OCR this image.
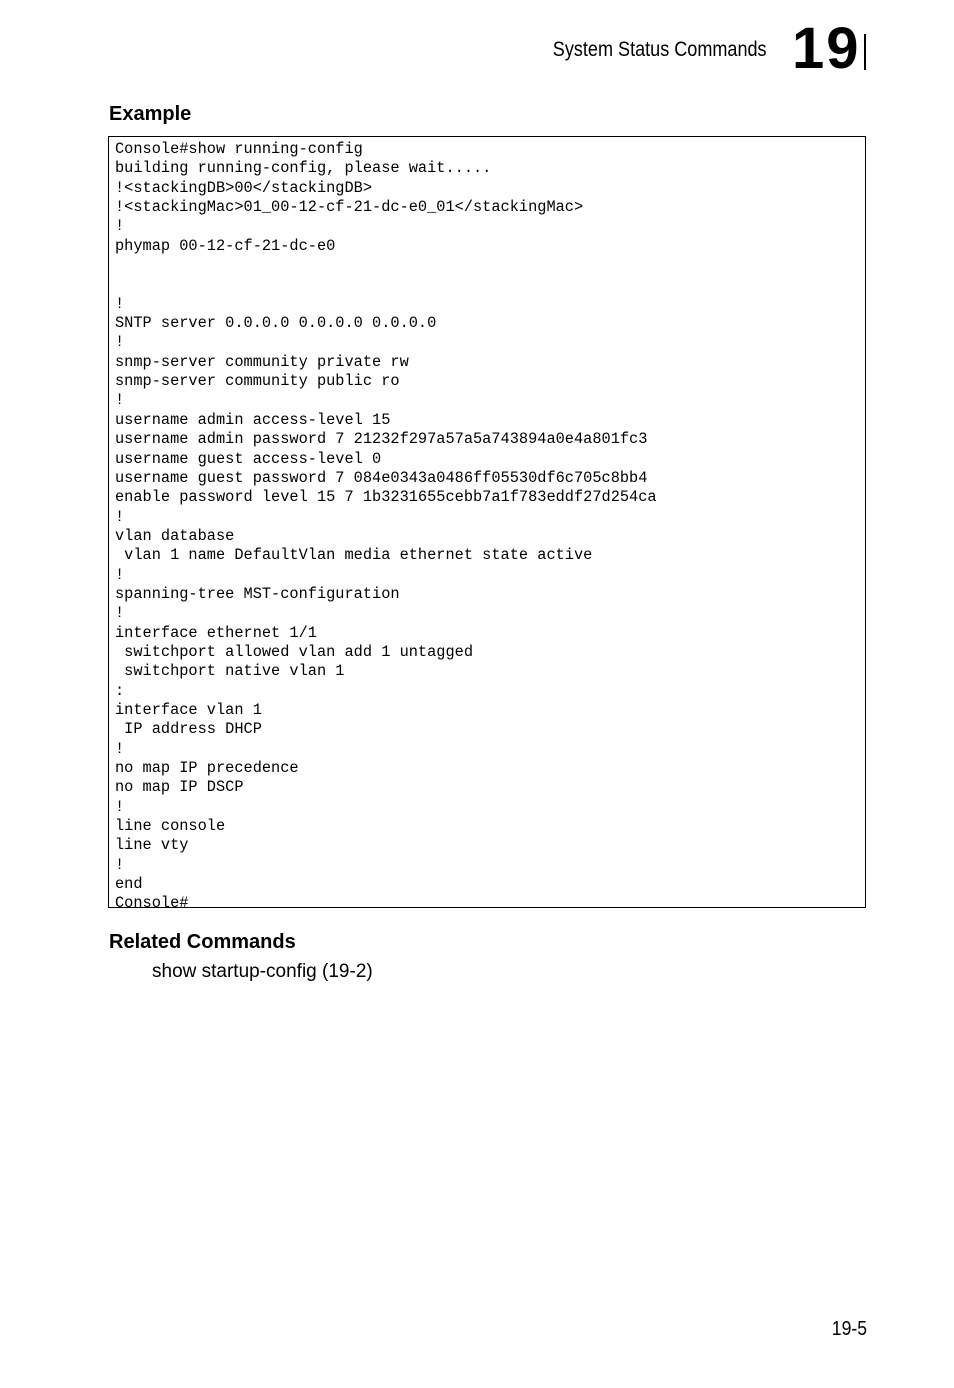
System Status Commands 19
Example
Console#show running-config
building running-config, please wait.....
!<stackingDB>00</stackingDB>
!<stackingMac>01_00-12-cf-21-dc-e0_01</stackingMac>
!
phymap 00-12-cf-21-dc-e0
!
SNTP server 0.0.0.0 0.0.0.0 0.0.0.0
!
snmp-server community private rw
snmp-server community public ro
!
username admin access-level 15
username admin password 7 21232f297a57a5a743894a0e4a801fc3
username guest access-level 0
username guest password 7 084e0343a0486ff05530df6c705c8bb4
enable password level 15 7 1b3231655cebb7a1f783eddf27d254ca
!
vlan database
vlan 1 name DefaultVlan media ethernet state active
!
spanning-tree MST-configuration
!
interface ethernet 1/1
switchport allowed vlan add 1 untagged
switchport native vlan 1
:
interface vlan 1
IP address DHCP
!
no map IP precedence
no map IP DSCP
!
line console
line vty
!
end
Console#
Related Commands
show startup-config (19-2)
19-5
